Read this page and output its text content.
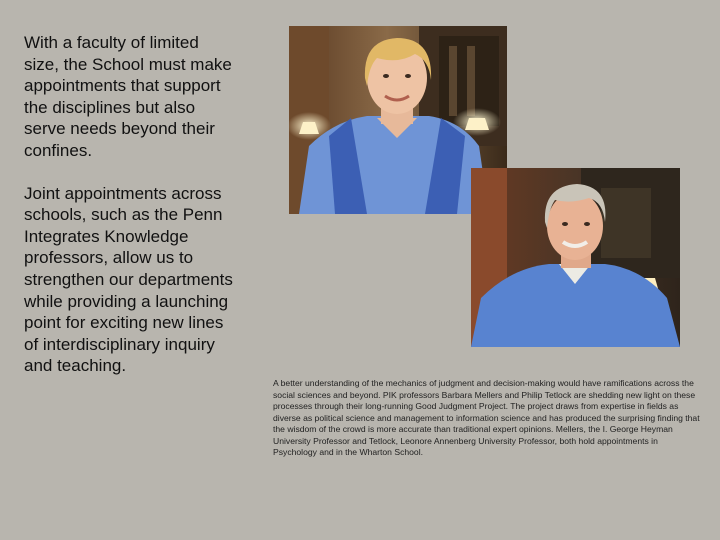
With a faculty of limited size, the School must make appointments that support the disciplines but also serve needs beyond their confines.

Joint appointments across schools, such as the Penn Integrates Knowledge professors, allow us to strengthen our departments while providing a launching point for exciting new lines of interdisciplinary inquiry and teaching.

A better understanding of the mechanics of judgment and decision-making would have ramifications across the social sciences and beyond. PIK professors Barbara Mellers and Philip Tetlock are shedding new light on these processes through their long-running Good Judgment Project. The project draws from expertise in fields as diverse as political science and management to information science and has produced the surprising finding that the wisdom of the crowd is more accurate than traditional expert opinions. Mellers, the I. George Heyman University Professor and Tetlock, Leonore Annenberg University Professor, both hold appointments in Psychology and in the Wharton School.
